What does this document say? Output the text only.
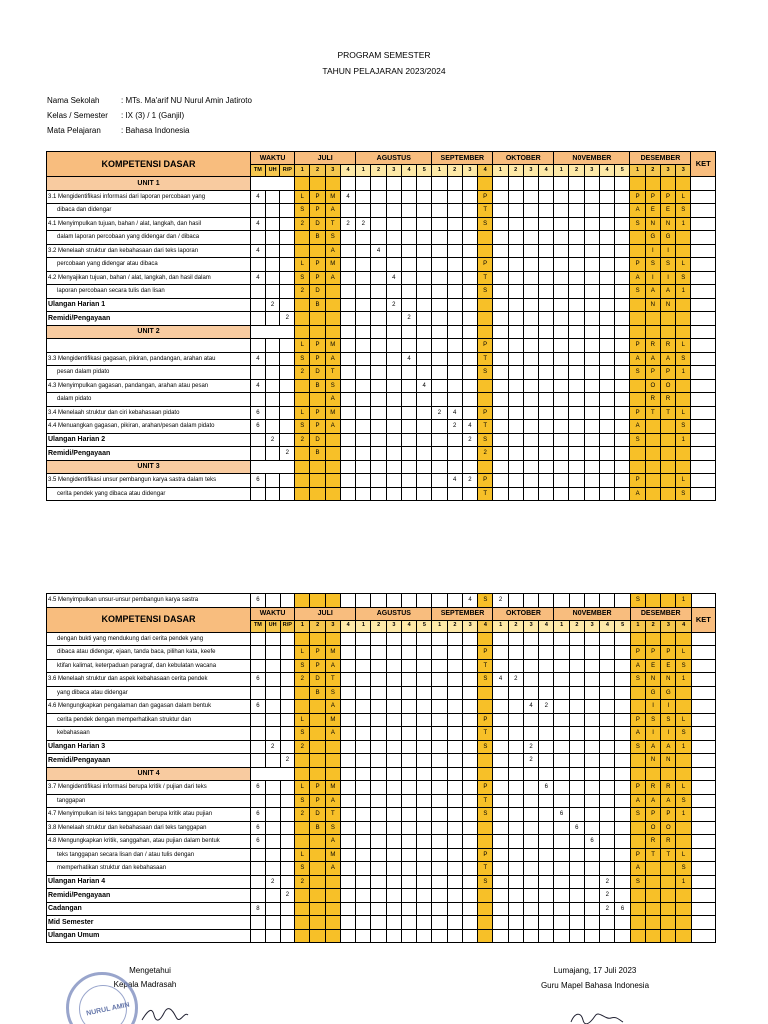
PROGRAM SEMESTER
TAHUN PELAJARAN 2023/2024
Nama Sekolah	: MTs. Ma'arif NU Nurul Amin Jatiroto
Kelas / Semester : IX (3) / 1 (Ganjil)
Mata Pelajaran	: Bahasa Indonesia
KOMPETENSI DASAR	WAKTU			JULI				AGUSTUS					SEPTEMBER				OKTOBER				N0VEMBER					DESEMBER				KET
	TM	UH	R/P	1	2	3	4	1	2	3	4	5	1	2	3	4	1	2	3	4	1	2	3	4	5	1	2	3	3	
UNIT 1																														
3.1 Mengidentifikasi informasi dari laporan percobaan yang	4			L	P	M	4									P										P	P	P	L	
dibaca dan didengar				S	P	A										T										A	E	E	S	
4.1 Menyimpulkan tujuan, bahan / alat, langkah, dan hasil	4			2	D	T	2	2								S										S	N	N	1	
dalam laporan percobaan yang didengar dan / dibaca					B	S																					G	G		
3.2 Menelaah struktur dan kebahasaan dari teks laporan	4					A			4																		I	I		
percobaan yang didengar atau dibaca				L	P	M										P										P	S	S	L	
4.2 Menyajikan tujuan, bahan / alat, langkah, dan hasil dalam	4			S	P	A				4						T										A	I	I	S	
laporan percobaan secara tulis dan lisan				2	D											S										S	A	A	1	
Ulangan Harian 1		2			B					2																	N	N		
Remidi/Pengayaan			2								2																			
UNIT 2																														
				L	P	M										P										P	R	R	L	
3.3 Mengidentifikasi gagasan, pikiran, pandangan, arahan atau	4			S	P	A					4					T										A	A	A	S	
pesan dalam pidato				2	D	T										S										S	P	P	1	
4.3 Menyimpulkan gagasan, pandangan, arahan atau pesan	4				B	S						4															O	O		
dalam pidato						A																					R	R		
3.4 Menelaah struktur dan ciri kebahasaan pidato	6			L	P	M							2	4		P										P	T	T	L	
4.4 Menuangkan gagasan, pikiran, arahan/pesan dalam pidato	6			S	P	A								2	4	T										A			S	
Ulangan Harian 2		2		2	D										2	S										S			1	
Remidi/Pengayaan			2		B											2														
UNIT 3																														
3.5 Mengidentifikasi unsur pembangun karya sastra dalam teks	6													4	2	P										P			L	
cerita pendek yang dibaca atau didengar																T										A			S	
4.5 Menyimpulkan unsur-unsur pembangun karya sastra	6														4	S	2									S			1	
KOMPETENSI DASAR	WAKTU			JULI				AGUSTUS					SEPTEMBER				OKTOBER				N0VEMBER					DESEMBER				KET
	TM	UH	R/P	1	2	3	4	1	2	3	4	5	1	2	3	4	1	2	3	4	1	2	3	4	5	1	2	3	4	
dengan bukti yang mendukung dari cerita pendek yang																														
dibaca atau didengar, ejaan, tanda baca, pilihan kata, keefe				L	P	M										P										P	P	P	L	
ktifan kalimat, keterpaduan paragraf, dan kebulatan wacana				S	P	A										T										A	E	E	S	
3.6 Menelaah struktur dan aspek kebahasaan cerita pendek	6			2	D	T										S	4	2								S	N	N	1	
yang dibaca atau didengar					B	S																					G	G		
4.6 Mengungkapkan pengalaman dan gagasan dalam bentuk	6					A													4	2							I	I		
cerita pendek dengan memperhatikan struktur dan				L		M										P										P	S	S	L	
kebahasaan				S		A										T										A	I	I	S	
Ulangan Harian 3		2		2												S			2							S	A	A	1	
Remidi/Pengayaan			2																2								N	N		
UNIT 4																														
3.7 Mengidentifikasi informasi berupa kritik / pujian dari teks	6			L	P	M										P				6						P	R	R	L	
tanggapan				S	P	A										T										A	A	A	S	
4.7 Menyimpulkan isi teks tanggapan berupa kritik atau pujian	6			2	D	T										S					6					S	P	P	1	
3.8 Menelaah struktur dan kebahasaan dari teks tanggapan	6				B	S																6					O	O		
4.8 Mengungkapkan kritik, sanggahan, atau pujian dalam bentuk	6					A																	6				R	R		
teks tanggapan secara lisan dan / atau tulis dengan				L		M										P										P	T	T	L	
memperhatikan struktur dan kebahasaan				S		A										T										A			S	
Ulangan Harian 4		2		2												S								2		S			1	
Remidi/Pengayaan			2																					2						
Cadangan	8																							2	6					
Mid Semester																														
Ulangan Umum																														
Mengetahui
Kepala Madrasah
NURUL AMIN
Lumajang, 17 Juli 2023
Guru Mapel Bahasa Indonesia
